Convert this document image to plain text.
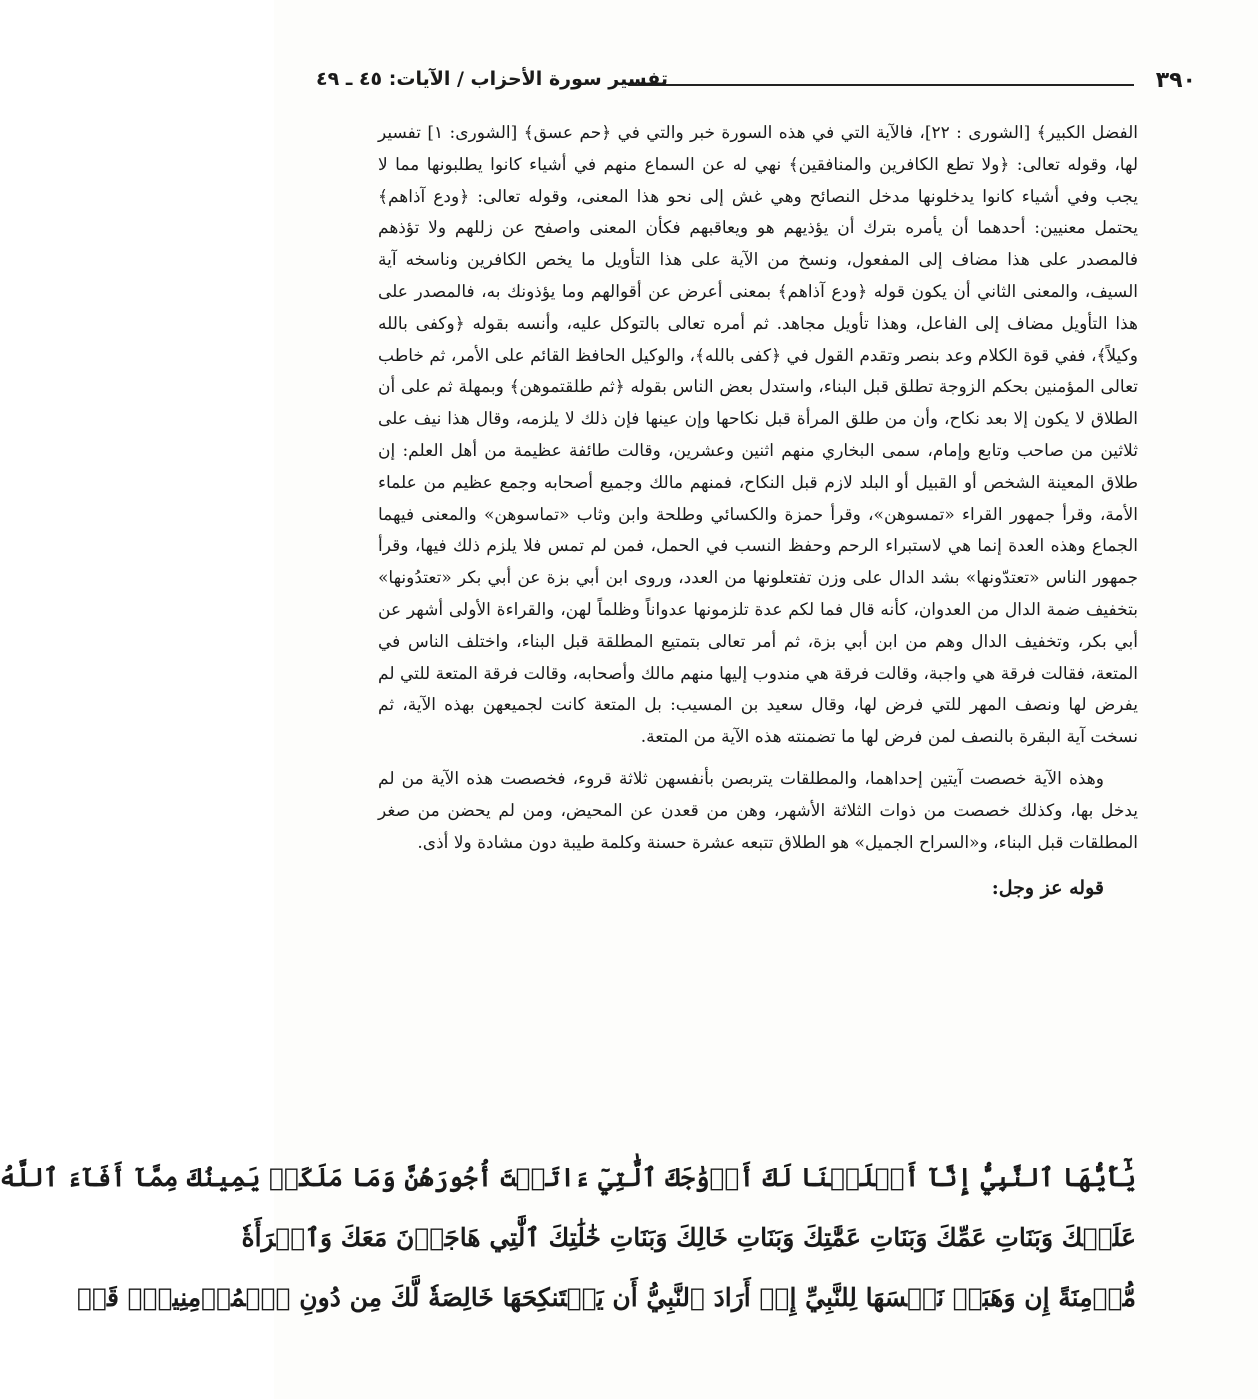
٣٩٠
تفسير سورة الأحزاب / الآيات: ٤٥ ـ ٤٩

الفضل الكبير﴾ [الشورى : ٢٢]، فالآية التي في هذه السورة خبر والتي في ﴿حم عسق﴾ [الشورى: ١] تفسير لها، وقوله تعالى: ﴿ولا تطع الكافرين والمنافقين﴾ نهي له عن السماع منهم في أشياء كانوا يطلبونها مما لا يجب وفي أشياء كانوا يدخلونها مدخل النصائح وهي غش إلى نحو هذا المعنى، وقوله تعالى: ﴿ودع آذاهم﴾ يحتمل معنيين: أحدهما أن يأمره بترك أن يؤذيهم هو ويعاقبهم فكأن المعنى واصفح عن زللهم ولا تؤذهم فالمصدر على هذا مضاف إلى المفعول، ونسخ من الآية على هذا التأويل ما يخص الكافرين وناسخه آية السيف، والمعنى الثاني أن يكون قوله ﴿ودع آذاهم﴾ بمعنى أعرض عن أقوالهم وما يؤذونك به، فالمصدر على هذا التأويل مضاف إلى الفاعل، وهذا تأويل مجاهد. ثم أمره تعالى بالتوكل عليه، وأنسه بقوله ﴿وكفى بالله وكيلاً﴾، ففي قوة الكلام وعد بنصر وتقدم القول في ﴿كفى بالله﴾، والوكيل الحافظ القائم على الأمر، ثم خاطب تعالى المؤمنين بحكم الزوجة تطلق قبل البناء، واستدل بعض الناس بقوله ﴿ثم طلقتموهن﴾ وبمهلة ثم على أن الطلاق لا يكون إلا بعد نكاح، وأن من طلق المرأة قبل نكاحها وإن عينها فإن ذلك لا يلزمه، وقال هذا نيف على ثلاثين من صاحب وتابع وإمام، سمى البخاري منهم اثنين وعشرين، وقالت طائفة عظيمة من أهل العلم: إن طلاق المعينة الشخص أو القبيل أو البلد لازم قبل النكاح، فمنهم مالك وجميع أصحابه وجمع عظيم من علماء الأمة، وقرأ جمهور القراء «تمسوهن»، وقرأ حمزة والكسائي وطلحة وابن وثاب «تماسوهن» والمعنى فيهما الجماع وهذه العدة إنما هي لاستبراء الرحم وحفظ النسب في الحمل، فمن لم تمس فلا يلزم ذلك فيها، وقرأ جمهور الناس «تعتدّونها» بشد الدال على وزن تفتعلونها من العدد، وروى ابن أبي بزة عن أبي بكر «تعتدُونها» بتخفيف ضمة الدال من العدوان، كأنه قال فما لكم عدة تلزمونها عدواناً وظلماً لهن، والقراءة الأولى أشهر عن أبي بكر، وتخفيف الدال وهم من ابن أبي بزة، ثم أمر تعالى بتمتيع المطلقة قبل البناء، واختلف الناس في المتعة، فقالت فرقة هي واجبة، وقالت فرقة هي مندوب إليها منهم مالك وأصحابه، وقالت فرقة المتعة للتي لم يفرض لها ونصف المهر للتي فرض لها، وقال سعيد بن المسيب: بل المتعة كانت لجميعهن بهذه الآية، ثم نسخت آية البقرة بالنصف لمن فرض لها ما تضمنته هذه الآية من المتعة.

وهذه الآية خصصت آيتين إحداهما، والمطلقات يتربصن بأنفسهن ثلاثة قروء، فخصصت هذه الآية من لم يدخل بها، وكذلك خصصت من ذوات الثلاثة الأشهر، وهن من قعدن عن المحيض، ومن لم يحضن من صغر المطلقات قبل البناء، و«السراح الجميل» هو الطلاق تتبعه عشرة حسنة وكلمة طيبة دون مشادة ولا أذى.

قوله عز وجل:

يَٰٓأَيُّهَا ٱلنَّبِيُّ إِنَّآ أَحۡلَلۡنَا لَكَ أَزۡوَٰجَكَ ٱلَّٰتِيٓ ءَاتَيۡتَ أُجُورَهُنَّ وَمَا مَلَكَتۡ يَمِينُكَ مِمَّآ أَفَآءَ ٱللَّهُ
عَلَيۡكَ وَبَنَاتِ عَمِّكَ وَبَنَاتِ عَمَّٰتِكَ وَبَنَاتِ خَالِكَ وَبَنَاتِ خَٰلَٰتِكَ ٱلَّٰتِي هَاجَرۡنَ مَعَكَ وَٱمۡرَأَةٗ
مُّؤۡمِنَةً إِن وَهَبَتۡ نَفۡسَهَا لِلنَّبِيِّ إِنۡ أَرَادَ ٱلنَّبِيُّ أَن يَسۡتَنكِحَهَا خَالِصَةٗ لَّكَ مِن دُونِ ٱلۡمُؤۡمِنِينَۗ قَدۡ
